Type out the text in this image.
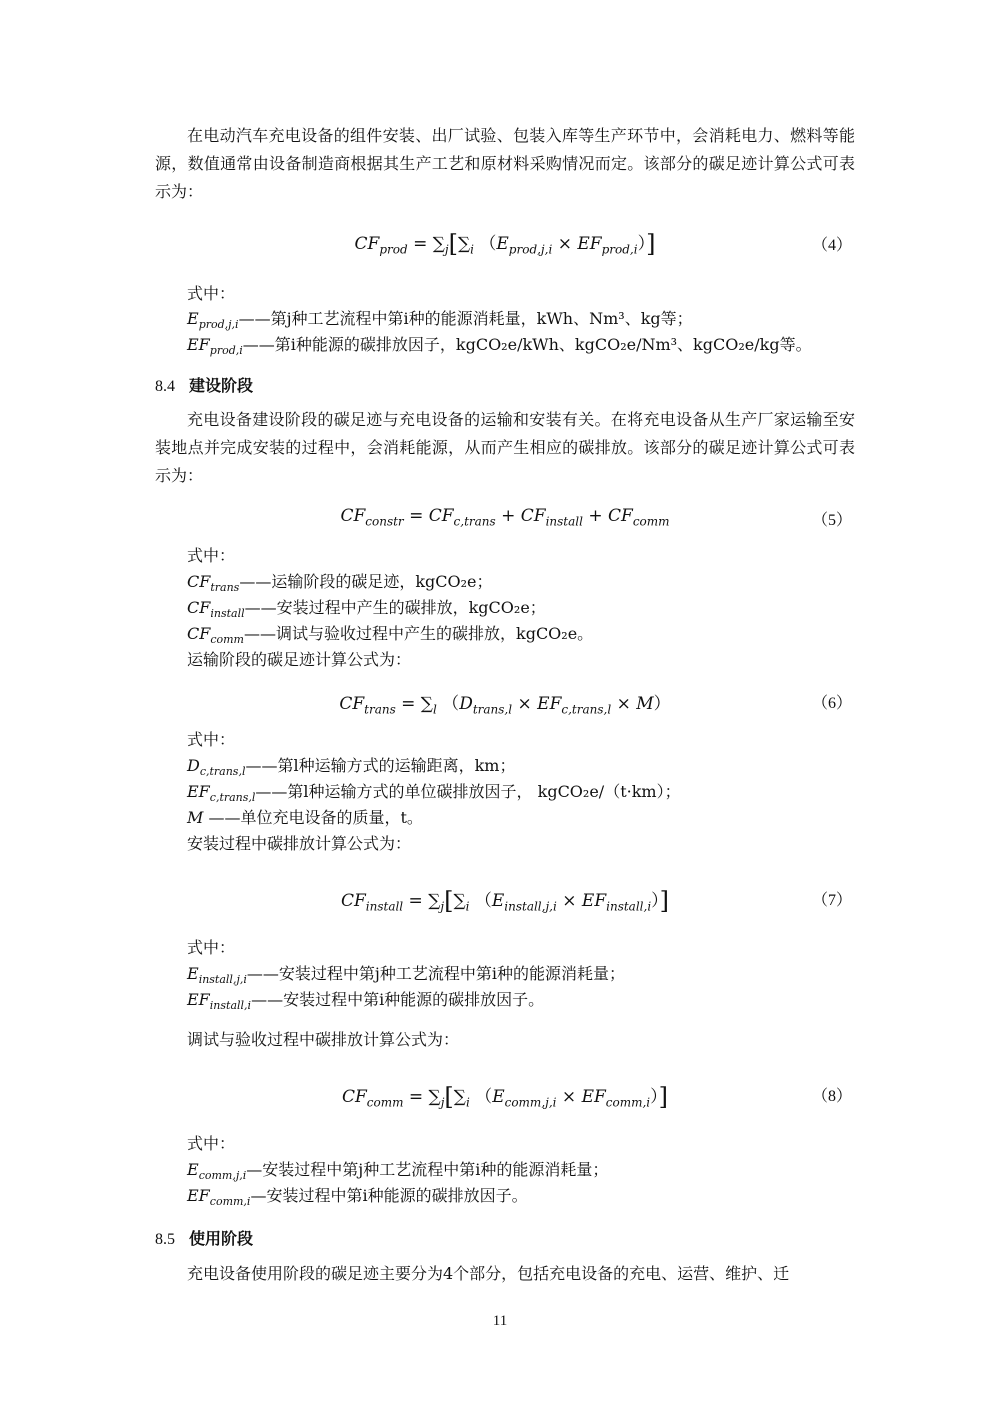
在电动汽车充电设备的组件安装、出厂试验、包装入库等生产环节中，会消耗电力、燃料等能源，数值通常由设备制造商根据其生产工艺和原材料采购情况而定。该部分的碳足迹计算公式可表示为：
$CF_{prod} = \sum_j[\sum_i$ $(E_{prod,j,i} \times EF_{prod,i})$]	（4）
式中：
$E_{prod,j,i}——$第j种工艺流程中第i种的能源消耗量，kWh、Nm³、kg等；
$EF_{prod,i}——$第i种能源的碳排放因子，kgCO₂e/kWh、kgCO₂e/Nm³、kgCO₂e/kg等。
8.4 建设阶段
充电设备建设阶段的碳足迹与充电设备的运输和安装有关。在将充电设备从生产厂家运输至安装地点并完成安装的过程中，会消耗能源，从而产生相应的碳排放。该部分的碳足迹计算公式可表示为：
$CF_{constr} = CF_{c,trans} + CF_{install} + CF_{comm}$	（5）
式中：
$CF_{trans}——$运输阶段的碳足迹，kgCO₂e；
$CF_{install}——$安装过程中产生的碳排放，kgCO₂e；
$CF_{comm}——$调试与验收过程中产生的碳排放，kgCO₂e。
运输阶段的碳足迹计算公式为：
$CF_{trans} = \sum_l$ $(D_{trans,l} \times EF_{c,trans,l} \times M)$	（6）
式中：
$D_{c,trans,l}——$第l种运输方式的运输距离，km；
$EF_{c,trans,l}——$第l种运输方式的单位碳排放因子， kgCO₂e/（t·km）；
M ——单位充电设备的质量，t。
安装过程中碳排放计算公式为：
$CF_{install} = \sum_j[\sum_i$ $(E_{install,j,i} \times EF_{install,i})$]	（7）
式中：
$E_{install,j,i}——$安装过程中第j种工艺流程中第i种的能源消耗量；
$EF_{install,i}——$安装过程中第i种能源的碳排放因子。
调试与验收过程中碳排放计算公式为：
$CF_{comm} = \sum_j[\sum_i$ $(E_{comm,j,i} \times EF_{comm,i})$]	（8）
式中：
$E_{comm,j,i}—$安装过程中第j种工艺流程中第i种的能源消耗量；
$EF_{comm,i}—$安装过程中第i种能源的碳排放因子。
8.5 使用阶段
充电设备使用阶段的碳足迹主要分为4个部分，包括充电设备的充电、运营、维护、迁
11
